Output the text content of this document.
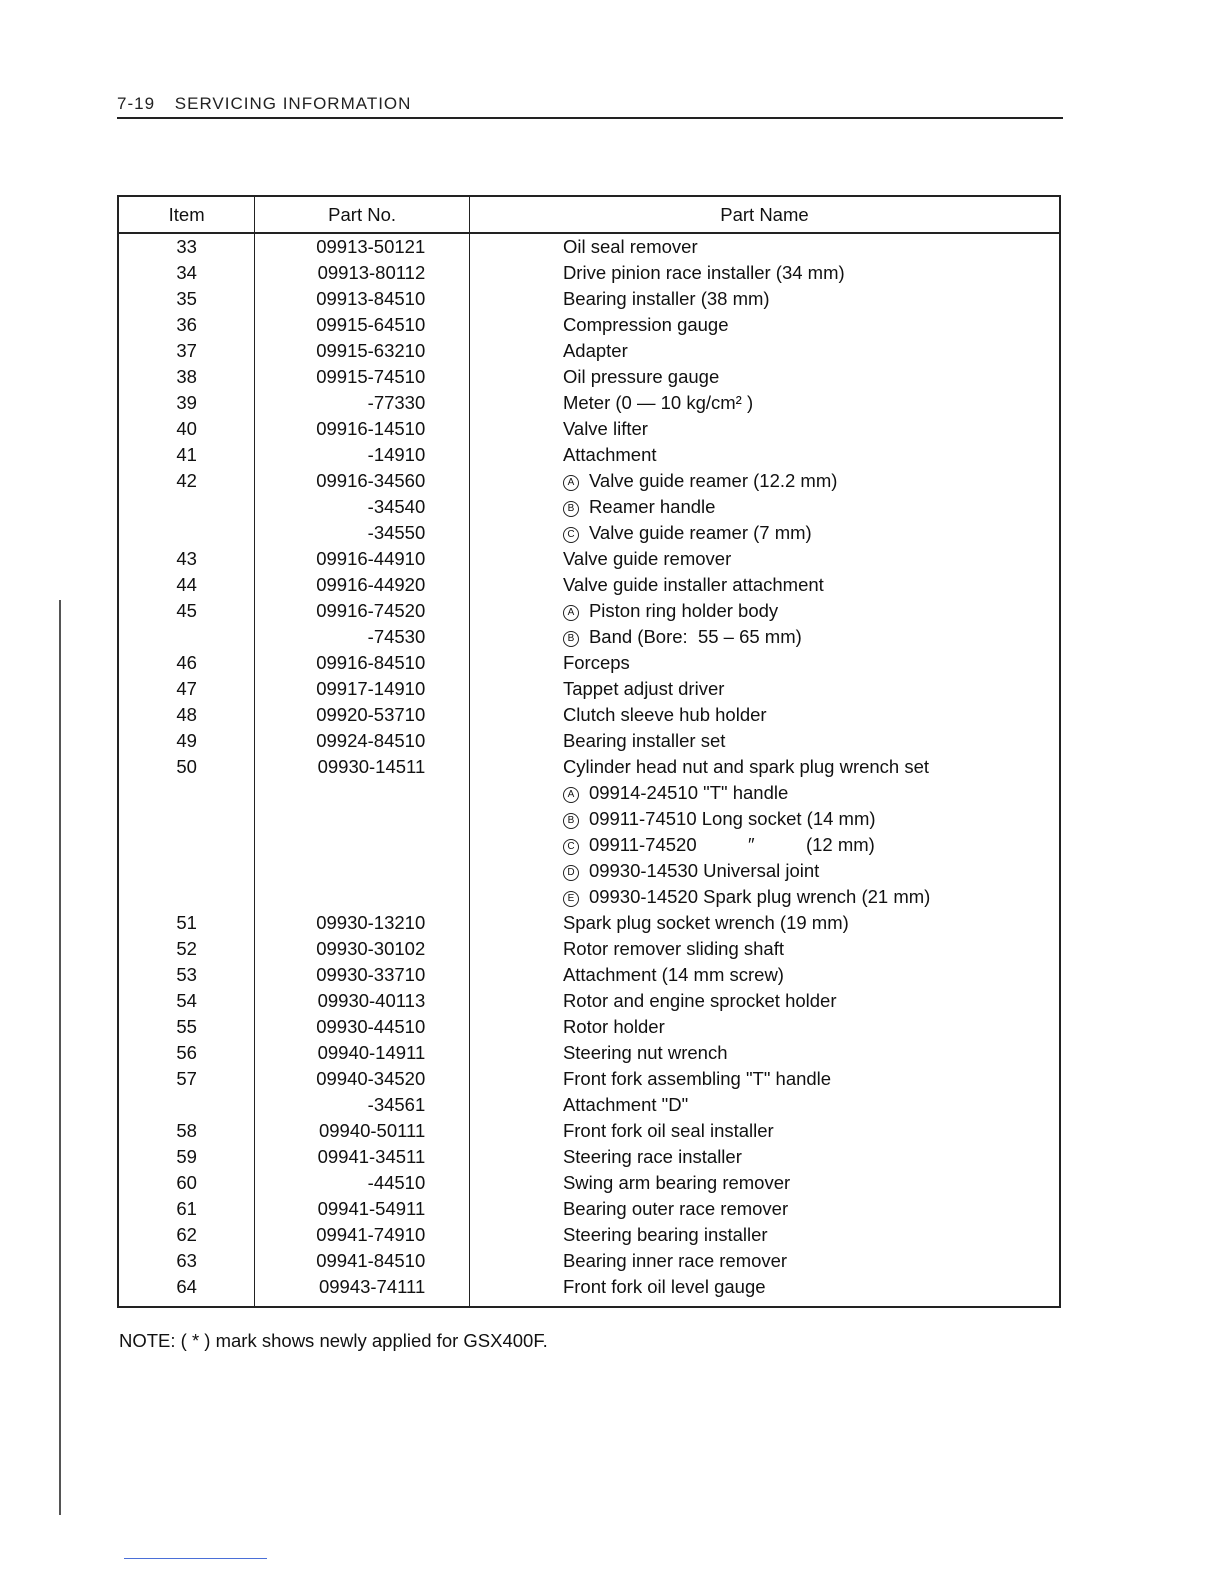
7-19 SERVICING INFORMATION
Item	Part No.	Part Name
33	09913-50121	Oil seal remover
34	09913-80112	Drive pinion race installer (34 mm)
35	09913-84510	Bearing installer (38 mm)
36	09915-64510	Compression gauge
37	09915-63210	Adapter
38	09915-74510	Oil pressure gauge
39	-77330	Meter (0 — 10 kg/cm² )
40	09916-14510	Valve lifter
41	-14910	Attachment
42	09916-34560	A Valve guide reamer (12.2 mm)
	-34540	B Reamer handle
	-34550	C Valve guide reamer (7 mm)
43	09916-44910	Valve guide remover
44	09916-44920	Valve guide installer attachment
45	09916-74520	A Piston ring holder body
	-74530	B Band (Bore:  55 – 65 mm)
46	09916-84510	Forceps
47	09917-14910	Tappet adjust driver
48	09920-53710	Clutch sleeve hub holder
49	09924-84510	Bearing installer set
50	09930-14511	Cylinder head nut and spark plug wrench set
		A 09914-24510 "T" handle
		B 09911-74510 Long socket (14 mm)
		C 09911-74520          ″          (12 mm)
		D 09930-14530 Universal joint
		E 09930-14520 Spark plug wrench (21 mm)
51	09930-13210	Spark plug socket wrench (19 mm)
52	09930-30102	Rotor remover sliding shaft
53	09930-33710	Attachment (14 mm screw)
54	09930-40113	Rotor and engine sprocket holder
55	09930-44510	Rotor holder
56	09940-14911	Steering nut wrench
57	09940-34520	Front fork assembling "T" handle
	-34561	Attachment "D"
58	09940-50111	Front fork oil seal installer
59	09941-34511	Steering race installer
60	-44510	Swing arm bearing remover
61	09941-54911	Bearing outer race remover
62	09941-74910	Steering bearing installer
63	09941-84510	Bearing inner race remover
64	09943-74111	Front fork oil level gauge
NOTE: ( * ) mark shows newly applied for GSX400F.
